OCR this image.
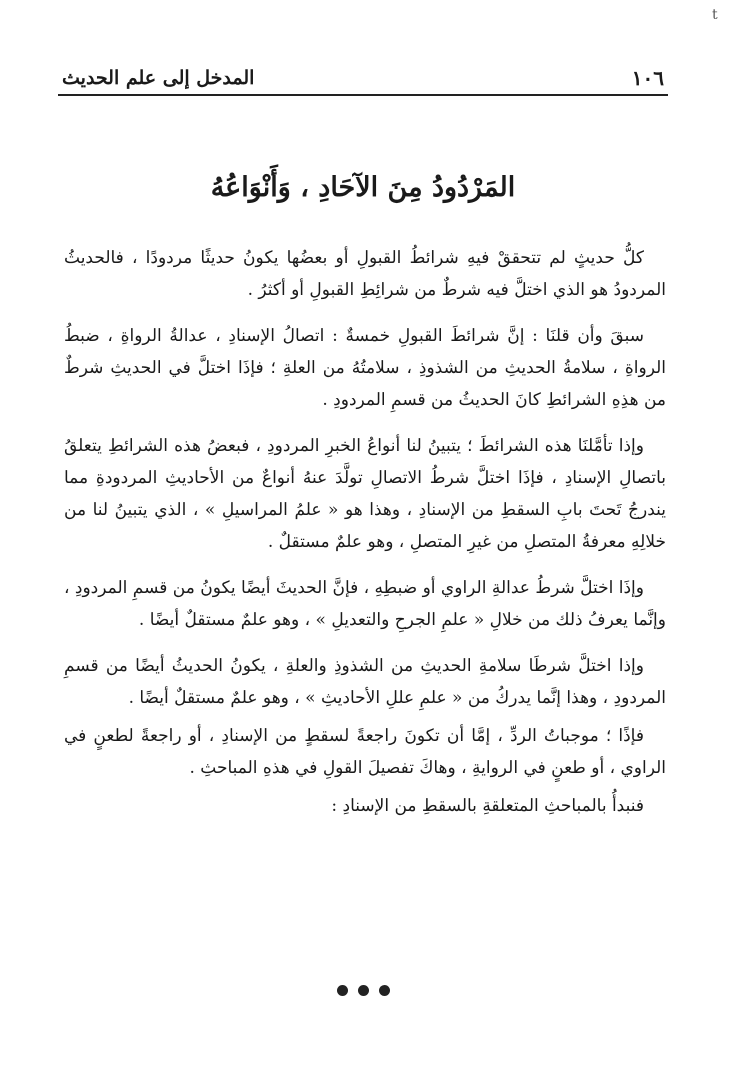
t
١٠٦
المدخل إلى علم الحديث
المَرْدُودُ مِنَ الآحَادِ ، وَأَنْوَاعُهُ

كلُّ حديثٍ لم تتحققْ فيهِ شرائطُ القبولِ أو بعضُها يكونُ حديثًا مردودًا ، فالحديثُ المردودُ هو الذي اختلَّ فيه شرطٌ من شرائِطِ القبولِ أو أكثرُ .

سبقَ وأن قلنَا : إنَّ شرائطَ القبولِ خمسةٌ : اتصالُ الإسنادِ ، عدالةُ الرواةِ ، ضبطُ الرواةِ ، سلامةُ الحديثِ من الشذوذِ ، سلامتُهُ من العلةِ ؛ فإذَا اختلَّ في الحديثِ شرطٌ من هذِهِ الشرائطِ كانَ الحديثُ من قسمِ المردودِ .

وإذا تأمَّلنَا هذه الشرائطَ ؛ يتبينُ لنا أنواعُ الخبرِ المردودِ ، فبعضُ هذه الشرائطِ يتعلقُ باتصالِ الإسنادِ ، فإذَا اختلَّ شرطُ الاتصالِ تولَّدَ عنهُ أنواعٌ من الأحاديثِ المردودةِ مما يندرجُ تَحتَ بابِ السقطِ من الإسنادِ ، وهذا هو « علمُ المراسيلِ » ، الذي يتبينُ لنا من خلالِهِ معرفةُ المتصلِ من غيرِ المتصلِ ، وهو علمٌ مستقلٌ .

وإذَا اختلَّ شرطُ عدالةِ الراوي أو ضبطِهِ ، فإنَّ الحديثَ أيضًا يكونُ من قسمِ المردودِ ، وإنَّما يعرفُ ذلك من خلالِ « علمِ الجرحِ والتعديلِ » ، وهو علمٌ مستقلٌ أيضًا .

وإذا اختلَّ شرطَا سلامةِ الحديثِ من الشذوذِ والعلةِ ، يكونُ الحديثُ أيضًا من قسمِ المردودِ ، وهذا إنَّما يدركُ من « علمِ عللِ الأحاديثِ » ، وهو علمٌ مستقلٌ أيضًا .

فإذًا ؛ موجباتُ الردِّ ، إمَّا أن تكونَ راجعةً لسقطٍ من الإسنادِ ، أو راجعةً لطعنٍ في الراوي ، أو طعنٍ في الروايةِ ، وهاكَ تفصيلَ القولِ في هذهِ المباحثِ .

فنبدأُ بالمباحثِ المتعلقةِ بالسقطِ من الإسنادِ :
